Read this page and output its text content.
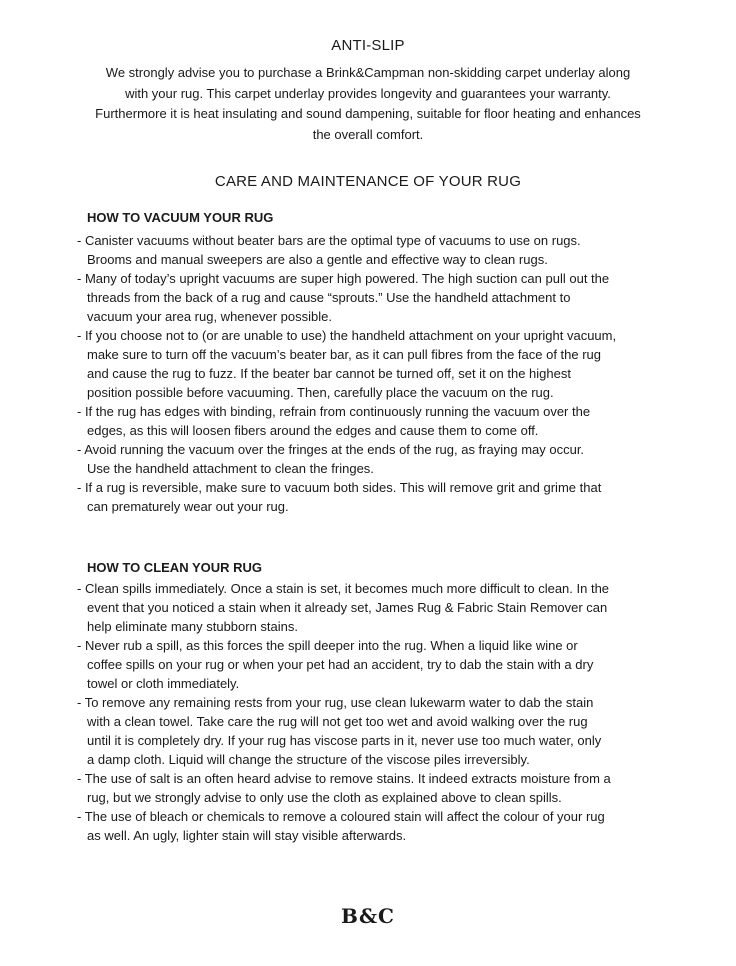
ANTI-SLIP
We strongly advise you to purchase a Brink&Campman non-skidding carpet underlay along
with your rug. This carpet underlay provides longevity and guarantees your warranty.
Furthermore it is heat insulating and sound dampening, suitable for floor heating and enhances
the overall comfort.
CARE AND MAINTENANCE OF YOUR RUG
HOW TO VACUUM YOUR RUG
- Canister vacuums without beater bars are the optimal type of vacuums to use on rugs.
Brooms and manual sweepers are also a gentle and effective way to clean rugs.
- Many of today’s upright vacuums are super high powered. The high suction can pull out the
threads from the back of a rug and cause “sprouts.” Use the handheld attachment to
vacuum your area rug, whenever possible.
- If you choose not to (or are unable to use) the handheld attachment on your upright vacuum,
make sure to turn off the vacuum’s beater bar, as it can pull fibres from the face of the rug
and cause the rug to fuzz. If the beater bar cannot be turned off, set it on the highest
position possible before vacuuming. Then, carefully place the vacuum on the rug.
- If the rug has edges with binding, refrain from continuously running the vacuum over the
edges, as this will loosen fibers around the edges and cause them to come off.
- Avoid running the vacuum over the fringes at the ends of the rug, as fraying may occur.
Use the handheld attachment to clean the fringes.
- If a rug is reversible, make sure to vacuum both sides. This will remove grit and grime that
can prematurely wear out your rug.
HOW TO CLEAN YOUR RUG
- Clean spills immediately. Once a stain is set, it becomes much more difficult to clean. In the
event that you noticed a stain when it already set, James Rug & Fabric Stain Remover can
help eliminate many stubborn stains.
- Never rub a spill, as this forces the spill deeper into the rug. When a liquid like wine or
coffee spills on your rug or when your pet had an accident, try to dab the stain with a dry
towel or cloth immediately.
- To remove any remaining rests from your rug, use clean lukewarm water to dab the stain
with a clean towel. Take care the rug will not get too wet and avoid walking over the rug
until it is completely dry. If your rug has viscose parts in it, never use too much water, only
a damp cloth. Liquid will change the structure of the viscose piles irreversibly.
- The use of salt is an often heard advise to remove stains. It indeed extracts moisture from a
rug, but we strongly advise to only use the cloth as explained above to clean spills.
- The use of bleach or chemicals to remove a coloured stain will affect the colour of your rug
as well. An ugly, lighter stain will stay visible afterwards.
B&C
